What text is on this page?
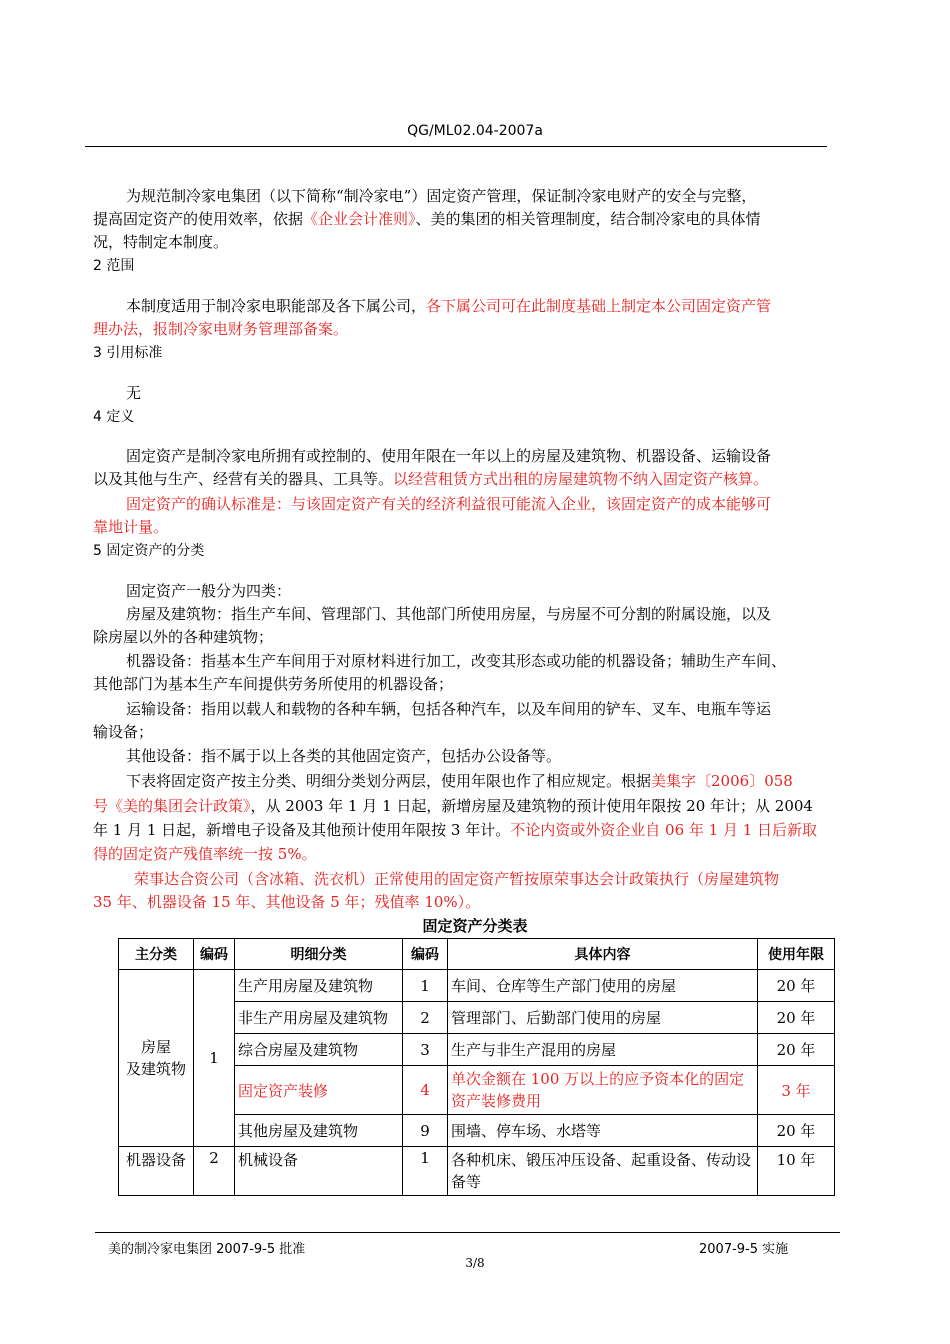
QG/ML02.04-2007a
为规范制冷家电集团（以下简称“制冷家电”）固定资产管理，保证制冷家电财产的安全与完整，
提高固定资产的使用效率，依据《企业会计准则》、美的集团的相关管理制度，结合制冷家电的具体情
况，特制定本制度。
2 范围
本制度适用于制冷家电职能部及各下属公司，各下属公司可在此制度基础上制定本公司固定资产管
理办法，报制冷家电财务管理部备案。
3 引用标准
无
4 定义
固定资产是制冷家电所拥有或控制的、使用年限在一年以上的房屋及建筑物、机器设备、运输设备
以及其他与生产、经营有关的器具、工具等。以经营租赁方式出租的房屋建筑物不纳入固定资产核算。
固定资产的确认标准是：与该固定资产有关的经济利益很可能流入企业，该固定资产的成本能够可
靠地计量。
5 固定资产的分类
固定资产一般分为四类：
房屋及建筑物：指生产车间、管理部门、其他部门所使用房屋，与房屋不可分割的附属设施，以及
除房屋以外的各种建筑物；
机器设备：指基本生产车间用于对原材料进行加工，改变其形态或功能的机器设备；辅助生产车间、
其他部门为基本生产车间提供劳务所使用的机器设备；
运输设备：指用以载人和载物的各种车辆，包括各种汽车，以及车间用的铲车、叉车、电瓶车等运
输设备；
其他设备：指不属于以上各类的其他固定资产，包括办公设备等。
下表将固定资产按主分类、明细分类划分两层，使用年限也作了相应规定。根据美集字〔2006〕058
号《美的集团会计政策》，从 2003 年 1 月 1 日起，新增房屋及建筑物的预计使用年限按 20 年计；从 2004
年 1 月 1 日起，新增电子设备及其他预计使用年限按 3 年计。不论内资或外资企业自 06 年 1 月 1 日后新取
得的固定资产残值率统一按 5%。
荣事达合资公司（含冰箱、洗衣机）正常使用的固定资产暂按原荣事达会计政策执行（房屋建筑物
35 年、机器设备 15 年、其他设备 5 年；残值率 10%）。
固定资产分类表
主分类	编码	明细分类	编码	具体内容	使用年限
房屋
及建筑物	1	生产用房屋及建筑物	1	车间、仓库等生产部门使用的房屋	20 年
		非生产用房屋及建筑物	2	管理部门、后勤部门使用的房屋	20 年
		综合房屋及建筑物	3	生产与非生产混用的房屋	20 年
		固定资产装修	4	单次金额在 100 万以上的应予资本化的固定资产装修费用	3 年
		其他房屋及建筑物	9	围墙、停车场、水塔等	20 年
机器设备	2	机械设备	1	各种机床、锻压冲压设备、起重设备、传动设备等	10 年
美的制冷家电集团 2007-9-5 批准	2007-9-5 实施
3/8
